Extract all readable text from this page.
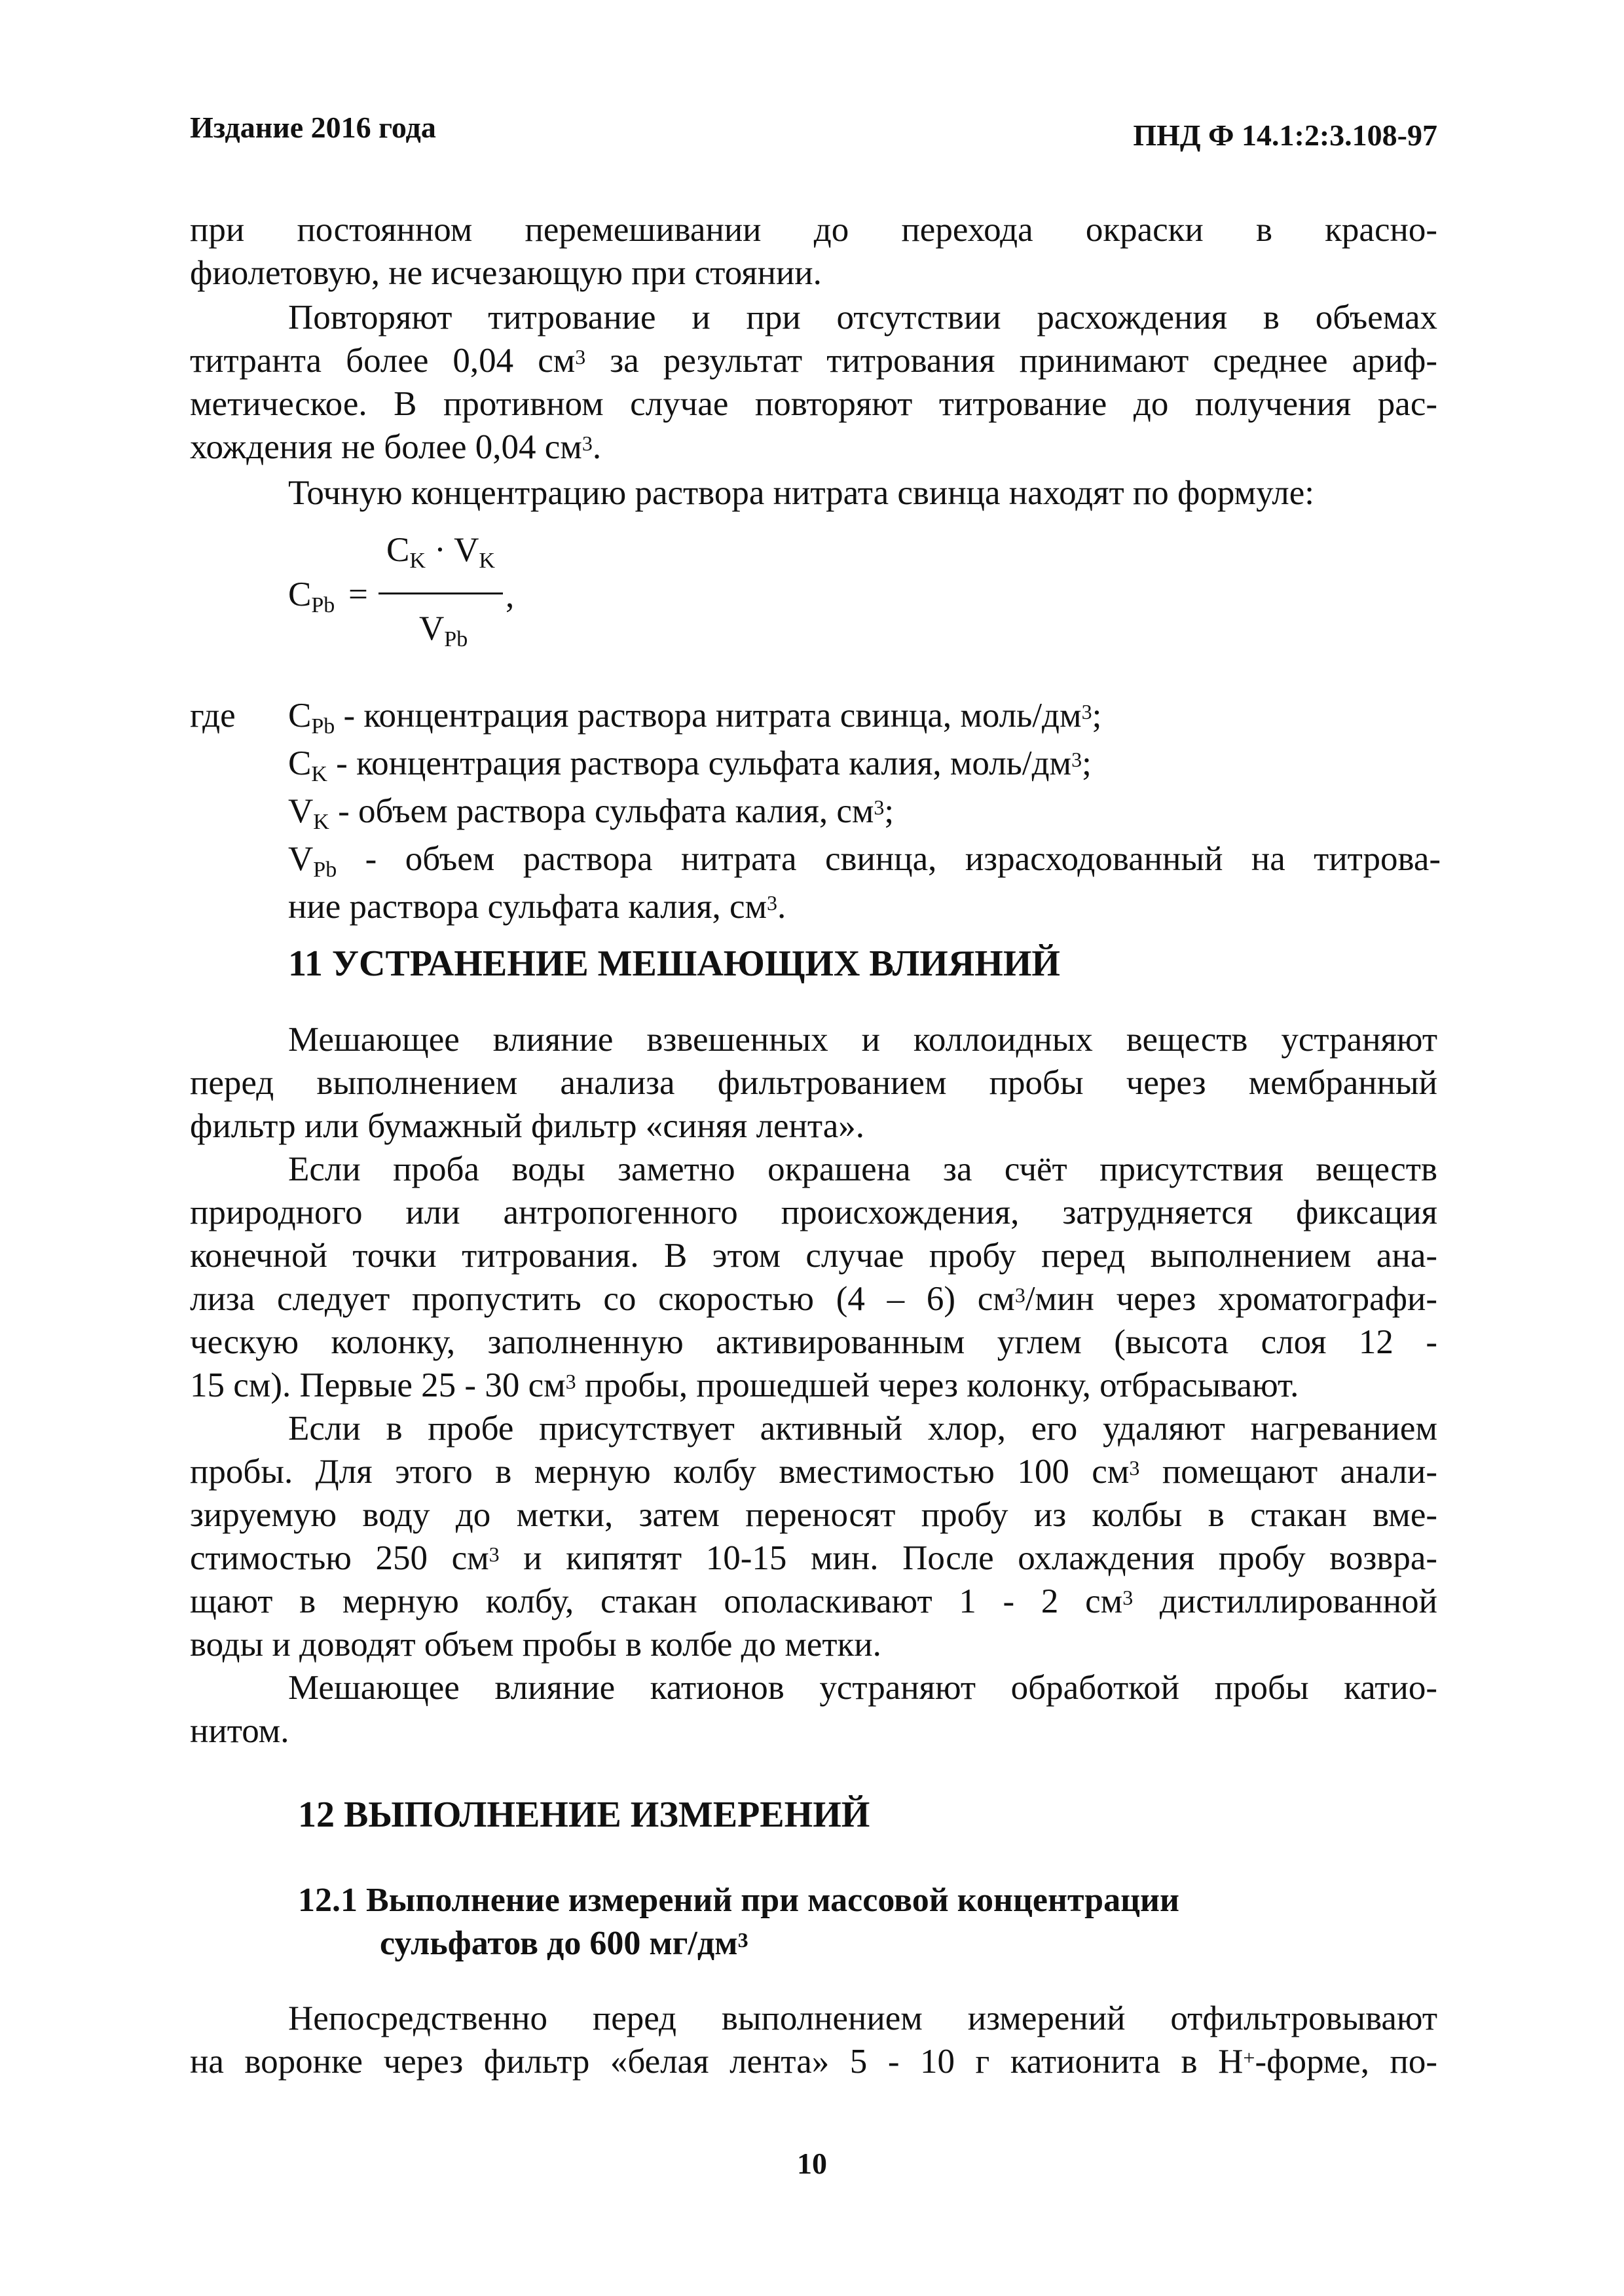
Издание 2016 года	ПНД Ф 14.1:2:3.108-97
при постоянном перемешивании до перехода окраски в красно-
фиолетовую, не исчезающую при стоянии.
Повторяют титрование и при отсутствии расхождения в объемах
титранта более 0,04 $см^3$ за результат титрования принимают среднее ариф-
метическое. В противном случае повторяют титрование до получения рас-
хождения не более 0,04 $см^3$.
Точную концентрацию раствора нитрата свинца находят по формуле:
$C_{Pb}$ =
$C_K \cdot V_K$
,
$V_{Pb}$
где $C_{Pb}$ - концентрация раствора нитрата свинца, моль/$дм^3$;
$C_K$ - концентрация раствора сульфата калия, моль/$дм^3$;
$V_K$ - объем раствора сульфата калия, $см^3$;
$V_{Pb}$ - объем раствора нитрата свинца, израсходованный на титрова-
ние раствора сульфата калия, $см^3$.
11 УСТРАНЕНИЕ МЕШАЮЩИХ ВЛИЯНИЙ
Мешающее влияние взвешенных и коллоидных веществ устраняют
перед выполнением анализа фильтрованием пробы через мембранный
фильтр или бумажный фильтр «синяя лента».
Если проба воды заметно окрашена за счёт присутствия веществ
природного или антропогенного происхождения, затрудняется фиксация
конечной точки титрования. В этом случае пробу перед выполнением ана-
лиза следует пропустить со скоростью (4 – 6) $см^3$/мин через хроматографи-
ческую колонку, заполненную активированным углем (высота слоя 12 -
15 см). Первые 25 - 30 $см^3$ пробы, прошедшей через колонку, отбрасывают.
Если в пробе присутствует активный хлор, его удаляют нагреванием
пробы. Для этого в мерную колбу вместимостью 100 $см^3$ помещают анали-
зируемую воду до метки, затем переносят пробу из колбы в стакан вме-
стимостью 250 $см^3$ и кипятят 10-15 мин. После охлаждения пробу возвра-
щают в мерную колбу, стакан ополаскивают 1 - 2 $см^3$ дистиллированной
воды и доводят объем пробы в колбе до метки.
Мешающее влияние катионов устраняют обработкой пробы катио-
нитом.
12 ВЫПОЛНЕНИЕ ИЗМЕРЕНИЙ
12.1 Выполнение измерений при массовой концентрации
сульфатов до 600 $мг/дм^3$
Непосредственно перед выполнением измерений отфильтровывают
на воронке через фильтр «белая лента» 5 - 10 г катионита в H+-форме, по-
10
